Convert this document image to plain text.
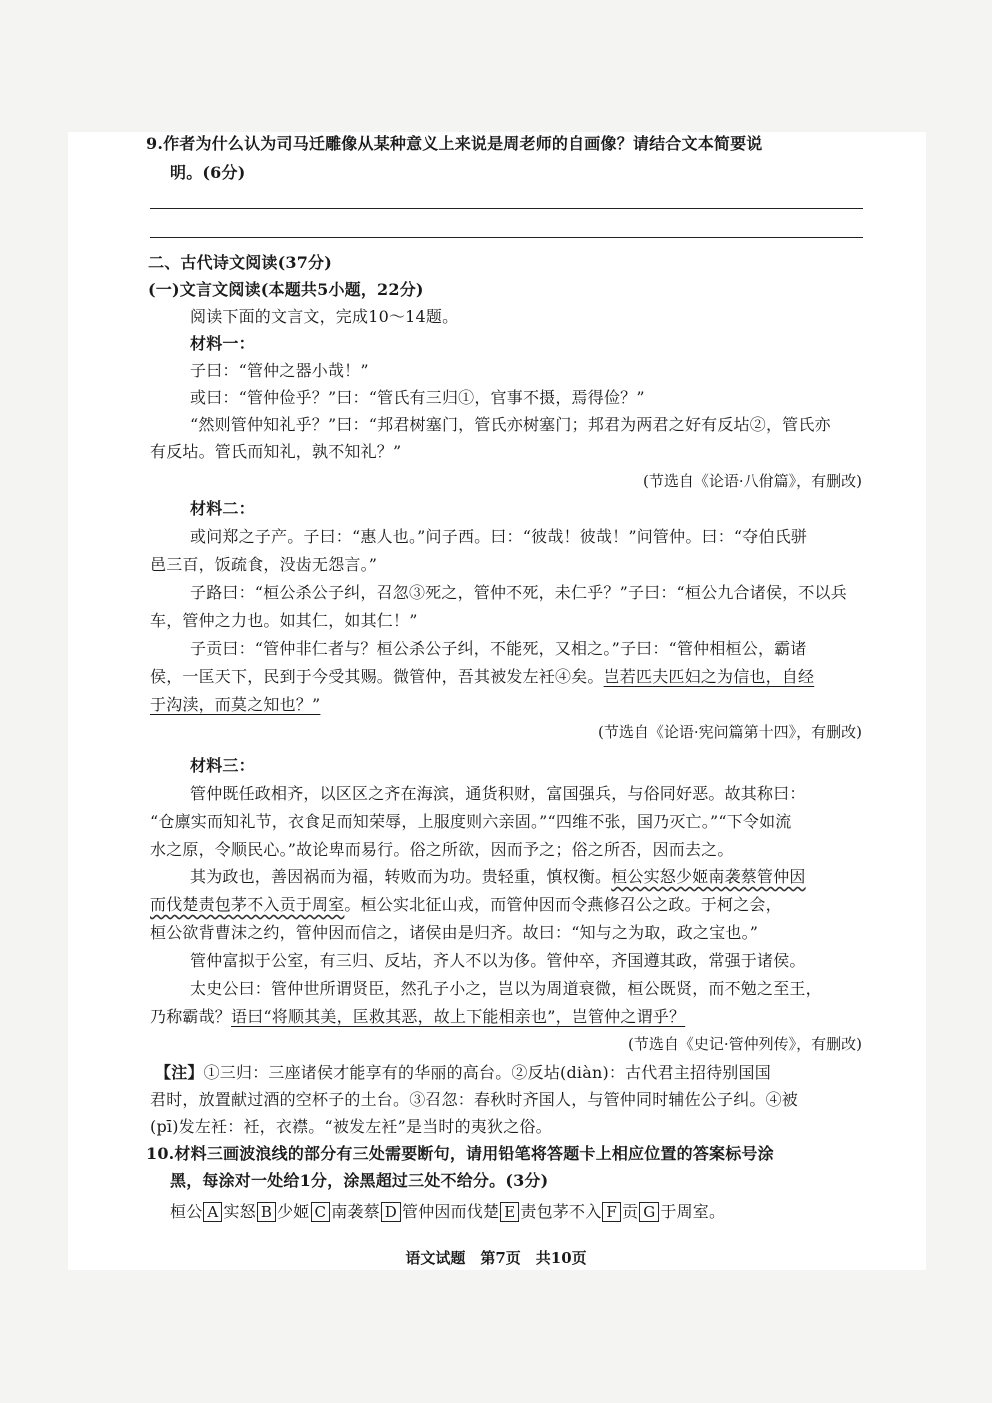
9.作者为什么认为司马迁雕像从某种意义上来说是周老师的自画像？请结合文本简要说
明。(6分)
二、古代诗文阅读(37分)
(一)文言文阅读(本题共5小题，22分)
阅读下面的文言文，完成10～14题。
材料一：
子曰：“管仲之器小哉！”
或曰：“管仲俭乎？”曰：“管氏有三归①，官事不摄，焉得俭？”
“然则管仲知礼乎？”曰：“邦君树塞门，管氏亦树塞门；邦君为两君之好有反坫②，管氏亦
有反坫。管氏而知礼，孰不知礼？”
(节选自《论语·八佾篇》，有删改)
材料二：
或问郑之子产。子曰：“惠人也。”问子西。曰：“彼哉！彼哉！”问管仲。曰：“夺伯氏骈
邑三百，饭疏食，没齿无怨言。”
子路曰：“桓公杀公子纠，召忽③死之，管仲不死，未仁乎？”子曰：“桓公九合诸侯，不以兵
车，管仲之力也。如其仁，如其仁！”
子贡曰：“管仲非仁者与？桓公杀公子纠，不能死，又相之。”子曰：“管仲相桓公，霸诸
侯，一匡天下，民到于今受其赐。微管仲，吾其被发左衽④矣。岂若匹夫匹妇之为信也，自经
于沟渎，而莫之知也？”
(节选自《论语·宪问篇第十四》，有删改)
材料三：
管仲既任政相齐，以区区之齐在海滨，通货积财，富国强兵，与俗同好恶。故其称曰：
“仓廪实而知礼节，衣食足而知荣辱，上服度则六亲固。”“四维不张，国乃灭亡。”“下令如流
水之原，令顺民心。”故论卑而易行。俗之所欲，因而予之；俗之所否，因而去之。
其为政也，善因祸而为福，转败而为功。贵轻重，慎权衡。桓公实怒少姬南袭蔡管仲因
而伐楚责包茅不入贡于周室。桓公实北征山戎，而管仲因而令燕修召公之政。于柯之会，
桓公欲背曹沫之约，管仲因而信之，诸侯由是归齐。故曰：“知与之为取，政之宝也。”
管仲富拟于公室，有三归、反坫，齐人不以为侈。管仲卒，齐国遵其政，常强于诸侯。
太史公曰：管仲世所谓贤臣，然孔子小之，岂以为周道衰微，桓公既贤，而不勉之至王，
乃称霸哉？语曰“将顺其美，匡救其恶，故上下能相亲也”，岂管仲之谓乎？
(节选自《史记·管仲列传》，有删改)
【注】①三归：三座诸侯才能享有的华丽的高台。②反坫(diàn)：古代君主招待别国国
君时，放置献过酒的空杯子的土台。③召忽：春秋时齐国人，与管仲同时辅佐公子纠。④被
(pī)发左衽：衽，衣襟。“被发左衽”是当时的夷狄之俗。
10.材料三画波浪线的部分有三处需要断句，请用铅笔将答题卡上相应位置的答案标号涂
黑，每涂对一处给1分，涂黑超过三处不给分。(3分)
桓公 A 实怒 B 少姬 C 南袭蔡 D 管仲因而伐楚 E 责包茅不入 F 贡 G 于周室。
语文试题　第7页　共10页
